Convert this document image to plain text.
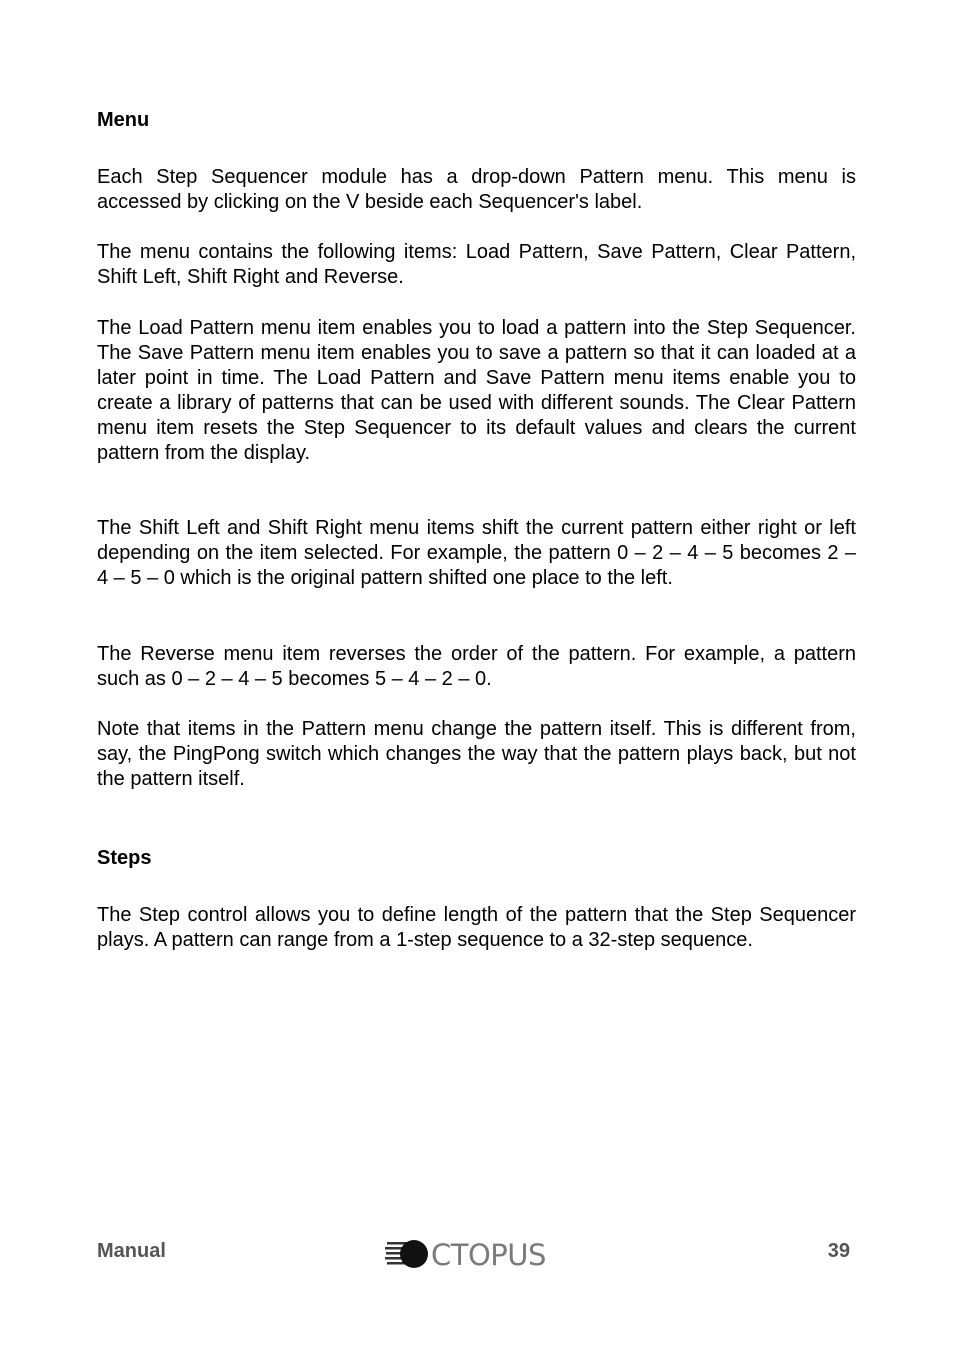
Menu

Each Step Sequencer module has a drop-down Pattern menu. This menu is accessed by clicking on the V beside each Sequencer's label.

The menu contains the following items: Load Pattern, Save Pattern, Clear Pattern, Shift Left, Shift Right and Reverse.

The Load Pattern menu item enables you to load a pattern into the Step Sequencer. The Save Pattern menu item enables you to save a pattern so that it can loaded at a later point in time. The Load Pattern and Save Pattern menu items enable you to create a library of patterns that can be used with different sounds. The Clear Pattern menu item resets the Step Sequencer to its default values and clears the current pattern from the display.

The Shift Left and Shift Right menu items shift the current pattern either right or left depending on the item selected. For example, the pattern 0 – 2 – 4 – 5 becomes 2 – 4 – 5 – 0 which is the original pattern shifted one place to the left.

The Reverse menu item reverses the order of the pattern. For example, a pattern such as 0 – 2 – 4 – 5 becomes 5 – 4 – 2 – 0.

Note that items in the Pattern menu change the pattern itself. This is different from, say, the PingPong switch which changes the way that the pattern plays back, but not the pattern itself.

Steps

The Step control allows you to define length of the pattern that the Step Sequencer plays. A pattern can range from a 1-step sequence to a 32-step sequence.

Manual	CTOPUS	39
